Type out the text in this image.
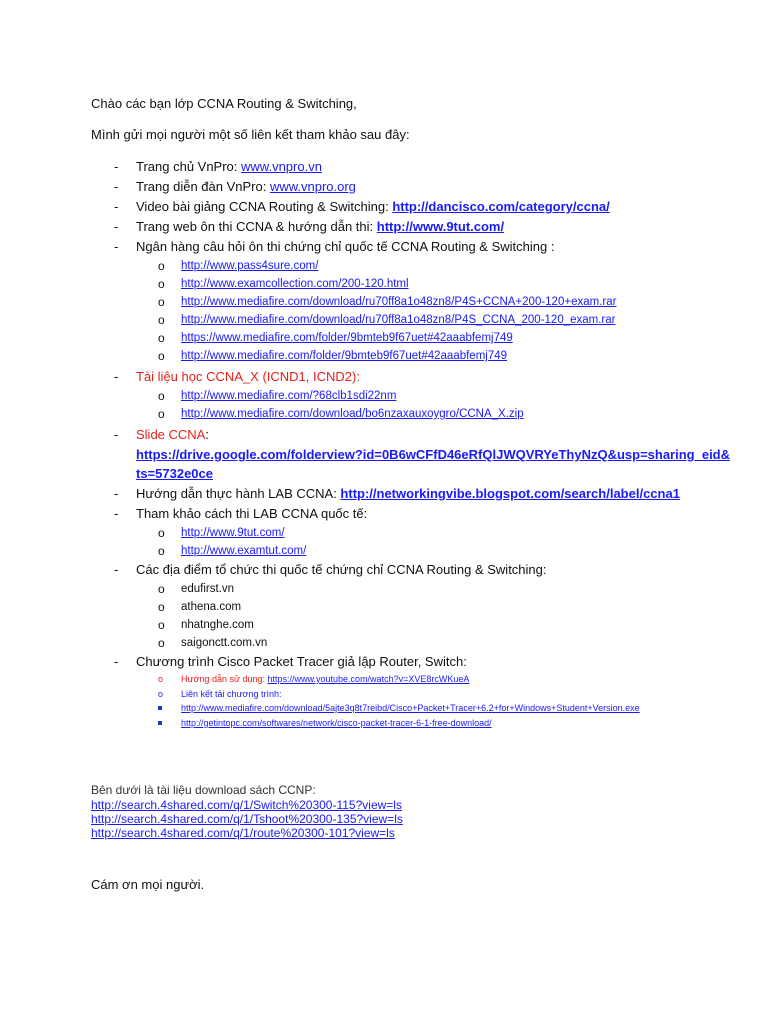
Chào các bạn lớp CCNA Routing & Switching,
Mình gửi mọi người một số liên kết tham khảo sau đây:
- Trang chủ VnPro: www.vnpro.vn
- Trang diễn đàn VnPro: www.vnpro.org
- Video bài giảng CCNA Routing & Switching: http://dancisco.com/category/ccna/
- Trang web ôn thi CCNA & hướng dẫn thi: http://www.9tut.com/
- Ngân hàng câu hỏi ôn thi chứng chỉ quốc tế CCNA Routing & Switching :
o http://www.pass4sure.com/
o http://www.examcollection.com/200-120.html
o http://www.mediafire.com/download/ru70ff8a1o48zn8/P4S+CCNA+200-120+exam.rar
o http://www.mediafire.com/download/ru70ff8a1o48zn8/P4S_CCNA_200-120_exam.rar
o https://www.mediafire.com/folder/9bmteb9f67uet#42aaabfemj749
o http://www.mediafire.com/folder/9bmteb9f67uet#42aaabfemj749
- Tài liệu học CCNA_X (ICND1, ICND2):
o http://www.mediafire.com/?68clb1sdi22nm
o http://www.mediafire.com/download/bo6nzaxauxoygro/CCNA_X.zip
- Slide CCNA:
https://drive.google.com/folderview?id=0B6wCFfD46eRfQlJWQVRYeThyNzQ&usp=sharing_eid&
ts=5732e0ce
- Hướng dẫn thực hành LAB CCNA: http://networkingvibe.blogspot.com/search/label/ccna1
- Tham khảo cách thi LAB CCNA quốc tế:
o http://www.9tut.com/
o http://www.examtut.com/
- Các địa điểm tổ chức thi quốc tế chứng chỉ CCNA Routing & Switching:
o edufirst.vn
o athena.com
o nhatnghe.com
o saigonctt.com.vn
- Chương trình Cisco Packet Tracer giả lập Router, Switch:
o Hướng dẫn sử dụng: https://www.youtube.com/watch?v=XVE8rcWKueA
o Liên kết tải chương trình:
http://www.mediafire.com/download/5ajte3q8t7reibd/Cisco+Packet+Tracer+6.2+for+Windows+Student+Version.exe
http://getintopc.com/softwares/network/cisco-packet-tracer-6-1-free-download/
Bên dưới là tài liệu download sách CCNP:
http://search.4shared.com/q/1/Switch%20300-115?view=ls
http://search.4shared.com/q/1/Tshoot%20300-135?view=ls
http://search.4shared.com/q/1/route%20300-101?view=ls
Cám ơn mọi người.
